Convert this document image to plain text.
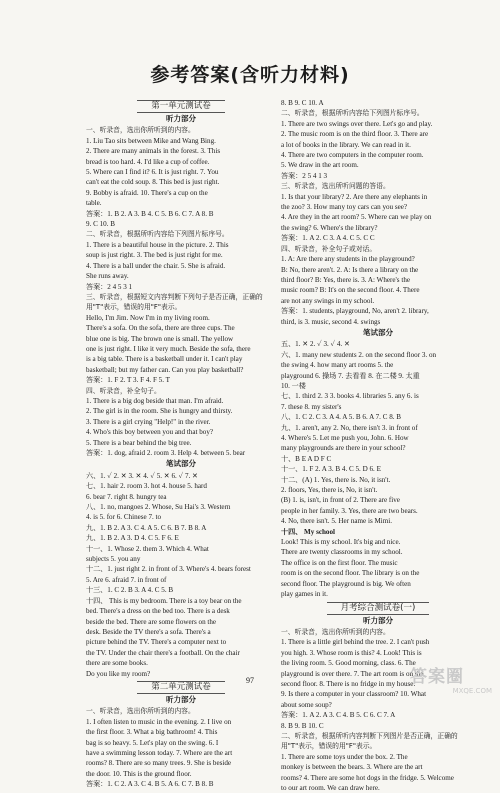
参考答案(含听力材料)
第一单元测试卷
听力部分
一、听录音，选出你所听到的内容。
1. Liu Tao sits between Mike and Wang Bing.
2. There are many animals in the forest. 3. This
bread is too hard. 4. I'd like a cup of coffee.
5. Where can I find it? 6. It is just right. 7. You
can't eat the cold soup. 8. This bed is just right.
9. Bobby is afraid. 10. There's a cup on the
table.
答案：1. B 2. A 3. B 4. C 5. B 6. C 7. A 8. B
9. C 10. B
二、听录音，根据所听内容给下列图片标序号。
1. There is a beautiful house in the picture. 2. This
soup is just right. 3. The bed is just right for me.
4. There is a ball under the chair. 5. She is afraid.
She runs away.
答案：2 4 5 3 1
三、听录音，根据短文内容判断下列句子是否正确，正确的
用"T"表示，错误的用"F"表示。
Hello, I'm Jim. Now I'm in my living room.
There's a sofa. On the sofa, there are three cups. The
blue one is big. The brown one is small. The yellow
one is just right. I like it very much. Beside the sofa, there
is a big table. There is a basketball under it. I can't play
basketball; but my father can. Can you play basketball?
答案：1. F 2. T 3. F 4. F 5. T
四、听录音，补全句子。
1. There is a big dog beside that man. I'm afraid.
2. The girl is in the room. She is hungry and thirsty.
3. There is a girl crying "Help!" in the river.
4. Who's this boy between you and that boy?
5. There is a bear behind the big tree.
答案：1. dog, afraid 2. room 3. Help 4. between 5. bear
笔试部分
六、1. ✓ 2. ✕ 3. ✕ 4. ✓ 5. ✕ 6. ✓ 7. ✕
七、1. hair 2. room 3. hot 4. house 5. hard
6. bear 7. right 8. hungry tea
八、1. no, mangoes 2. Whose, Su Hai's 3. Western
4. is 5. for 6. Chinese 7. to
九、1. B 2. A 3. C 4. A 5. C 6. B 7. B 8. A
九、1. B 2. A 3. D 4. C 5. F 6. E
十一、1. Whose 2. them 3. Which 4. What
subjects 5. you any
十二、1. just right 2. in front of 3. Where's 4. bears forest
5. Are 6. afraid 7. in front of
十三、1. C 2. B 3. A 4. C 5. B
十四、 This is my bedroom. There is a toy bear on the
bed. There's a dress on the bed too. There is a desk
beside the bed. There are some flowers on the
desk. Beside the TV there's a sofa. There's a
picture behind the TV. There's a computer next to
the TV. Under the chair there's a football. On the chair
there are some books.
Do you like my room?
第二单元测试卷
听力部分
一、听录音，选出你所听到的内容。
1. I often listen to music in the evening. 2. I live on
the first floor. 3. What a big bathroom! 4. This
bag is so heavy. 5. Let's play on the swing. 6. I
have a swimming lesson today. 7. Where are the art
rooms? 8. There are so many trees. 9. She is beside
the door. 10. This is the ground floor.
答案：1. C 2. A 3. C 4. B 5. A 6. C 7. B 8. B
8. B 9. C 10. A
二、听录音，根据所听内容给下列图片标序号。
1. There are two swings over there. Let's go and play.
2. The music room is on the third floor. 3. There are
a lot of books in the library. We can read in it.
4. There are two computers in the computer room.
5. We draw in the art room.
答案：2 5 4 1 3
三、听录音，选出所听问题的答语。
1. Is that your library? 2. Are there any elephants in
the zoo? 3. How many toy cars can you see?
4. Are they in the art room? 5. Where can we play on
the swing? 6. Where's the library?
答案：1. A 2. C 3. A 4. C 5. C C
四、听录音，补全句子或对话。
1. A: Are there any students in the playground?
B: No, there aren't. 2. A: Is there a library on the
third floor? B: Yes, there is. 3. A: Where's the
music room? B: It's on the second floor. 4. There
are not any swings in my school.
答案：1. students, playground, No, aren't 2. library,
third, is 3. music, second 4. swings
笔试部分
五、1. ✕ 2. ✓ 3. ✓ 4. ✕
六、1. many new students 2. on the second floor 3. on
the swing 4. how many art rooms 5. the
playground 6. 操场 7. 去看看 8. 在二楼 9. 太重
10. 一楼
七、1. third 2. 3 3. books 4. libraries 5. any 6. is
7. these 8. my sister's
八、1. C 2. C 3. A 4. A 5. B 6. A 7. C 8. B
九、1. aren't, any 2. No, there isn't 3. in front of
4. Where's 5. Let me push you, John. 6. How
many playgrounds are there in your school?
十、B E A D F C
十一、1. F 2. A 3. B 4. C 5. D 6. E
十二、(A) 1. Yes, there is. No, it isn't.
2. floors, Yes, there is, No, it isn't.
(B) 1. is, isn't, in front of 2. There are five
people in her family. 3. Yes, there are two bears.
4. No, there isn't. 5. Her name is Mimi.
十四、 My school
Look! This is my school. It's big and nice.
There are twenty classrooms in my school.
The office is on the first floor. The music
room is on the second floor. The library is on the
second floor. The playground is big. We often
play games in it.
月考综合测试卷(一)
听力部分
一、听录音，选出你所听到的内容。
1. There is a little girl behind the tree. 2. I can't push
you high. 3. Whose room is this? 4. Look! This is
the living room. 5. Good morning, class. 6. The
playground is over there. 7. The art room is on the
second floor. 8. There is no fridge in my house.
9. Is there a computer in your classroom? 10. What
about some soup?
答案：1. A 2. A 3. C 4. B 5. C 6. C 7. A
8. B 9. B 10. C
二、听录音，根据所听内容判断下列图片是否正确，正确的
用"T"表示，错误的用"F"表示。
1. There are some toys under the box. 2. The
monkey is between the bears. 3. Where are the art
rooms? 4. There are some hot dogs in the fridge. 5. Welcome
to our art room. We can draw here.
97	答案圈
MXQE.COM
